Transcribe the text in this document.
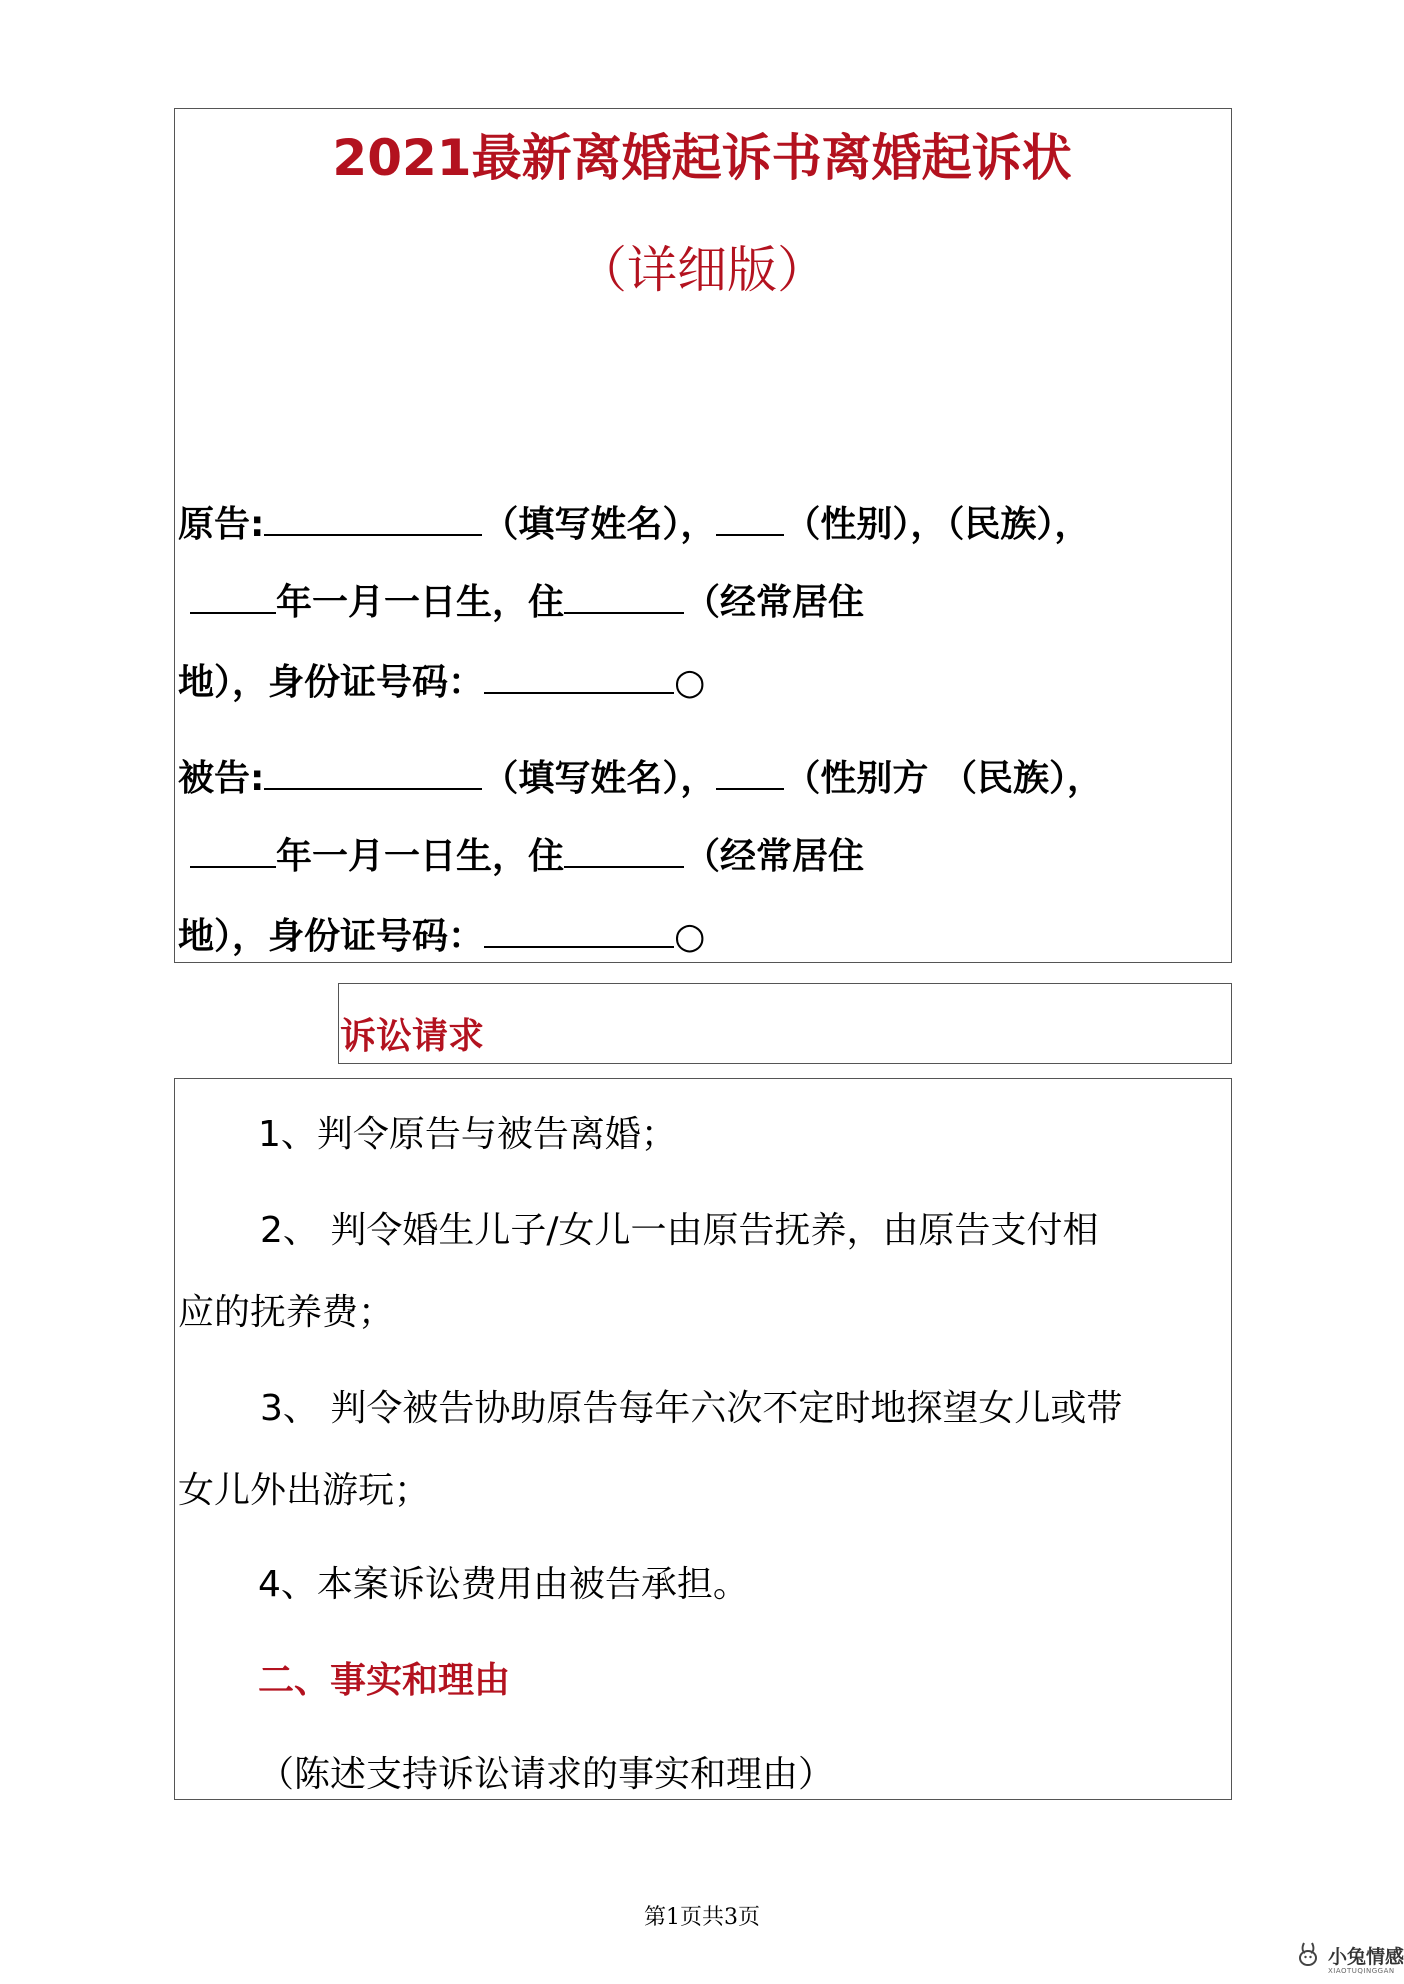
2021最新离婚起诉书离婚起诉状
（详细版）
原告:	（填写姓名）， （性别），（民族），
年一月一日生，住	（经常居住
地），身份证号码：	○
被告:	（填写姓名）， （性别方 （民族），
年一月一日生，住	（经常居住
地），身份证号码：	○
诉讼请求
1、判令原告与被告离婚；
2、 判令婚生儿子/女儿一由原告抚养，由原告支付相
应的抚养费；
3、 判令被告协助原告每年六次不定时地探望女儿或带
女儿外出游玩；
4、本案诉讼费用由被告承担。
二、事实和理由
（陈述支持诉讼请求的事实和理由）
第1页共3页
小兔情感
XIAOTUQINGGAN
